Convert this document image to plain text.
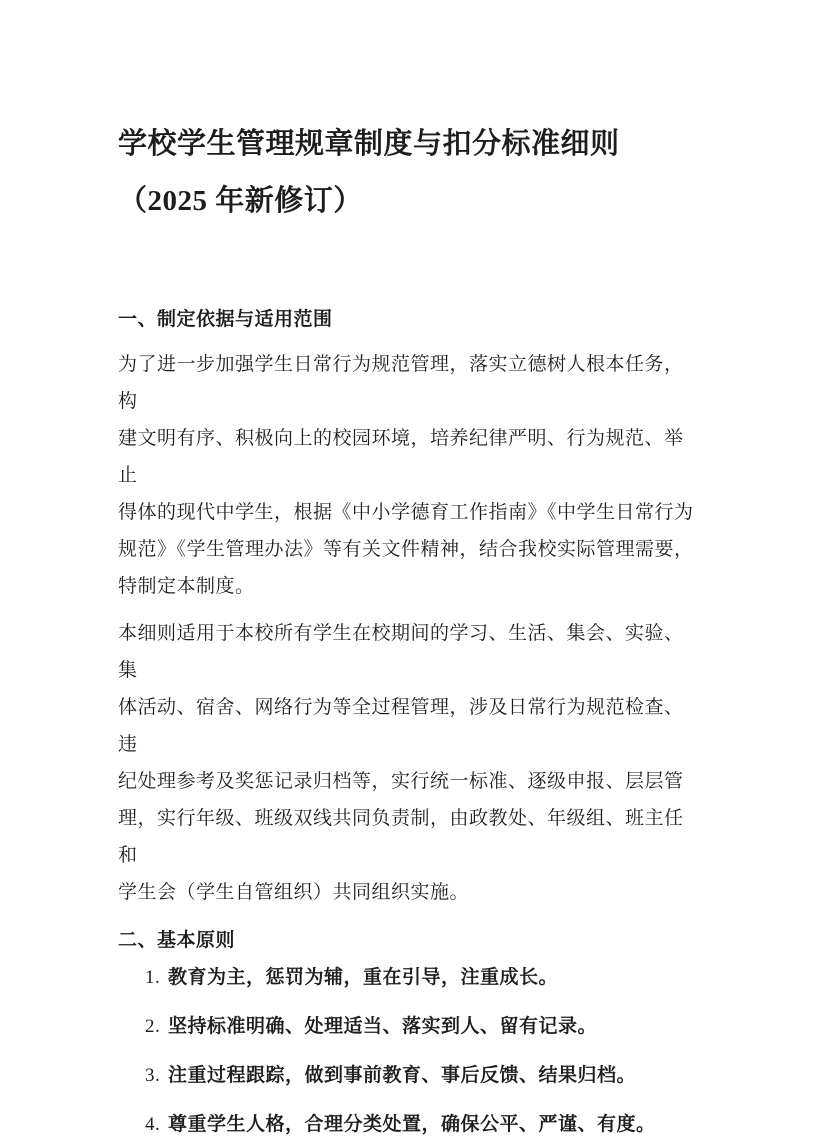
学校学生管理规章制度与扣分标准细则
（2025 年新修订）
一、制定依据与适用范围

为了进一步加强学生日常行为规范管理，落实立德树人根本任务，构
建文明有序、积极向上的校园环境，培养纪律严明、行为规范、举止
得体的现代中学生，根据《中小学德育工作指南》《中学生日常行为
规范》《学生管理办法》等有关文件精神，结合我校实际管理需要，
特制定本制度。

本细则适用于本校所有学生在校期间的学习、生活、集会、实验、集
体活动、宿舍、网络行为等全过程管理，涉及日常行为规范检查、违
纪处理参考及奖惩记录归档等，实行统一标准、逐级申报、层层管
理，实行年级、班级双线共同负责制，由政教处、年级组、班主任和
学生会（学生自管组织）共同组织实施。

二、基本原则
1. 教育为主，惩罚为辅，重在引导，注重成长。
2. 坚持标准明确、处理适当、落实到人、留有记录。
3. 注重过程跟踪，做到事前教育、事后反馈、结果归档。
4. 尊重学生人格，合理分类处置，确保公平、严谨、有度。
